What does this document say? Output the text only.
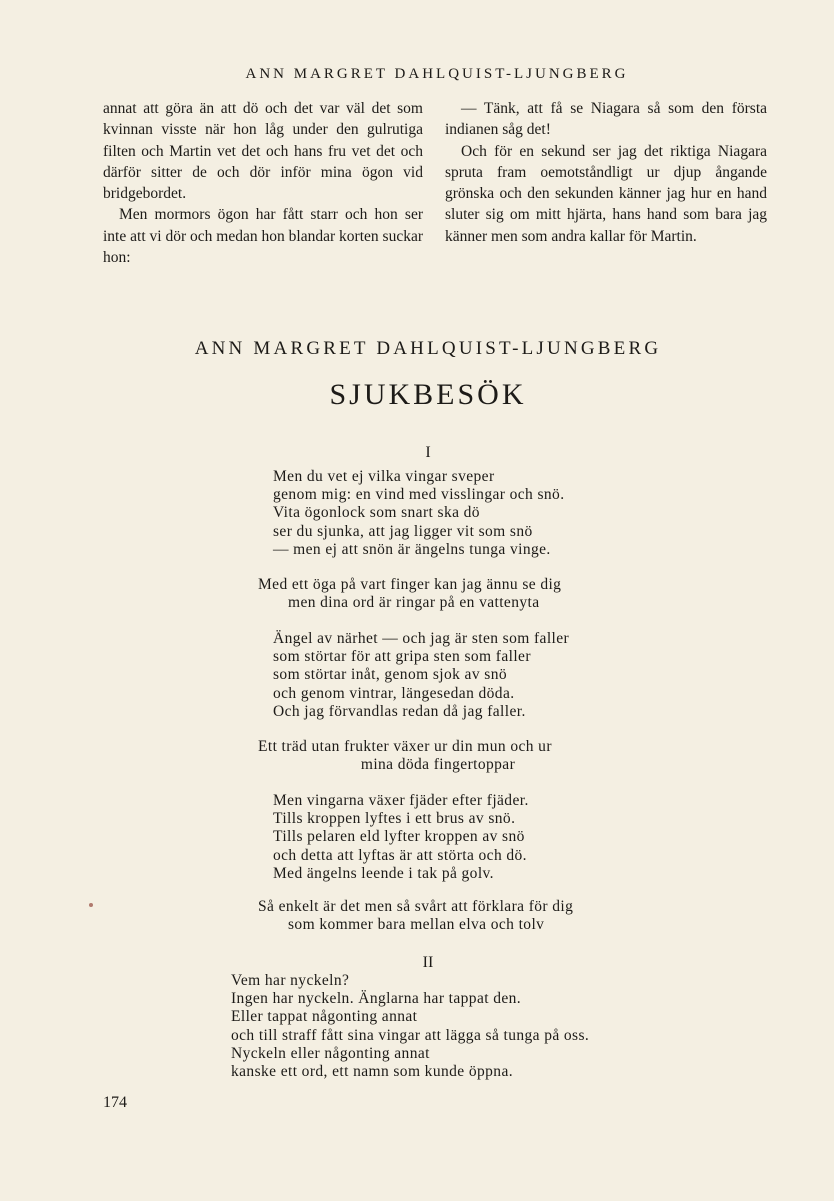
ANN MARGRET DAHLQUIST-LJUNGBERG

annat att göra än att dö och det var väl det som kvinnan visste när hon låg under den gulrutiga filten och Martin vet det och hans fru vet det och därför sitter de och dör inför mina ögon vid bridgebordet.

Men mormors ögon har fått starr och hon ser inte att vi dör och medan hon blandar korten suckar hon:

— Tänk, att få se Niagara så som den första indianen såg det!

Och för en sekund ser jag det riktiga Niagara spruta fram oemotståndligt ur djup ångande grönska och den sekunden känner jag hur en hand sluter sig om mitt hjärta, hans hand som bara jag känner men som andra kallar för Martin.

ANN MARGRET DAHLQUIST-LJUNGBERG
SJUKBESÖK
I
Men du vet ej vilka vingar sveper
genom mig: en vind med visslingar och snö.
Vita ögonlock som snart ska dö
ser du sjunka, att jag ligger vit som snö
— men ej att snön är ängelns tunga vinge.
Med ett öga på vart finger kan jag ännu se dig
men dina ord är ringar på en vattenyta
Ängel av närhet — och jag är sten som faller
som störtar för att gripa sten som faller
som störtar inåt, genom sjok av snö
och genom vintrar, längesedan döda.
Och jag förvandlas redan då jag faller.
Ett träd utan frukter växer ur din mun och ur
mina döda fingertoppar
Men vingarna växer fjäder efter fjäder.
Tills kroppen lyftes i ett brus av snö.
Tills pelaren eld lyfter kroppen av snö
och detta att lyftas är att störta och dö.
Med ängelns leende i tak på golv.
Så enkelt är det men så svårt att förklara för dig
som kommer bara mellan elva och tolv
II
Vem har nyckeln?
Ingen har nyckeln. Änglarna har tappat den.
Eller tappat någonting annat
och till straff fått sina vingar att lägga så tunga på oss.
Nyckeln eller någonting annat
kanske ett ord, ett namn som kunde öppna.
174
